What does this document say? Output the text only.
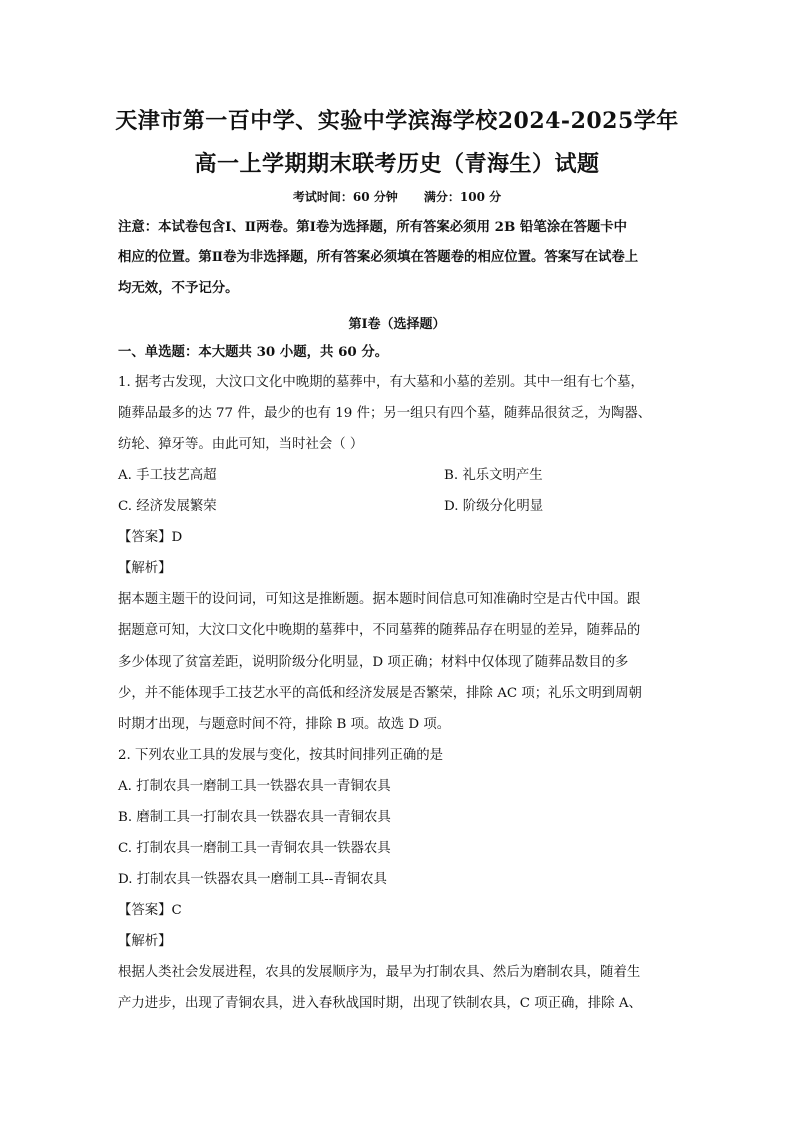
天津市第一百中学、实验中学滨海学校2024-2025学年
高一上学期期末联考历史（青海生）试题
考试时间：60 分钟 满分：100 分
注意：本试卷包含Ⅰ、Ⅱ两卷。第Ⅰ卷为选择题，所有答案必须用 2B 铅笔涂在答题卡中
相应的位置。第Ⅱ卷为非选择题，所有答案必须填在答题卷的相应位置。答案写在试卷上
均无效，不予记分。
第Ⅰ卷（选择题）
一、单选题：本大题共 30 小题，共 60 分。
1. 据考古发现，大汶口文化中晚期的墓葬中，有大墓和小墓的差别。其中一组有七个墓，
随葬品最多的达 77 件，最少的也有 19 件；另一组只有四个墓，随葬品很贫乏，为陶器、
纺轮、獐牙等。由此可知，当时社会（ ）
A. 手工技艺高超	B. 礼乐文明产生
C. 经济发展繁荣	D. 阶级分化明显
【答案】D
【解析】
据本题主题干的设问词，可知这是推断题。据本题时间信息可知准确时空是古代中国。跟
据题意可知，大汶口文化中晚期的墓葬中，不同墓葬的随葬品存在明显的差异，随葬品的
多少体现了贫富差距，说明阶级分化明显，D 项正确；材料中仅体现了随葬品数目的多
少，并不能体现手工技艺水平的高低和经济发展是否繁荣，排除 AC 项；礼乐文明到周朝
时期才出现，与题意时间不符，排除 B 项。故选 D 项。
2. 下列农业工具的发展与变化，按其时间排列正确的是
A. 打制农具一磨制工具一铁器农具一青铜农具
B. 磨制工具一打制农具一铁器农具一青铜农具
C. 打制农具一磨制工具一青铜农具一铁器农具
D. 打制农具一铁器农具一磨制工具--青铜农具
【答案】C
【解析】
根据人类社会发展进程，农具的发展顺序为，最早为打制农具、然后为磨制农具，随着生
产力进步，出现了青铜农具，进入春秋战国时期，出现了铁制农具，C 项正确，排除 A、
